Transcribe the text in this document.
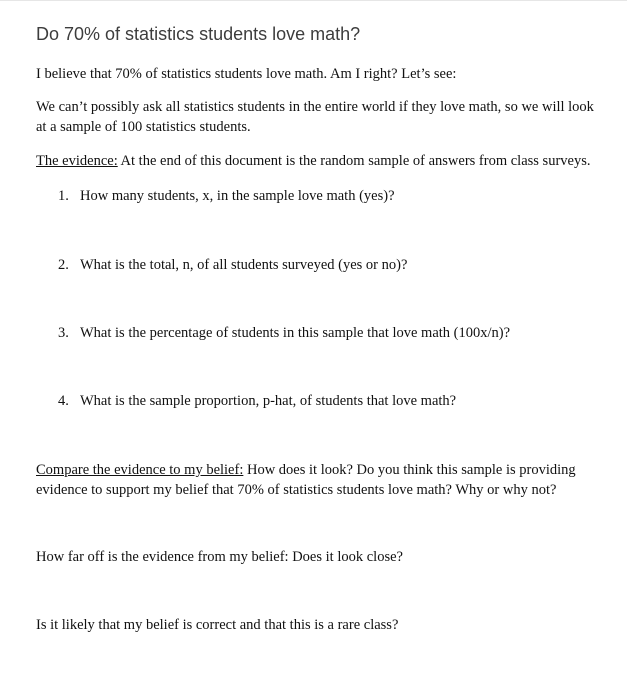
Do 70% of statistics students love math?
I believe that 70% of statistics students love math. Am I right? Let’s see:
We can’t possibly ask all statistics students in the entire world if they love math, so we will look at a sample of 100 statistics students.
The evidence: At the end of this document is the random sample of answers from class surveys.
1. How many students, x, in the sample love math (yes)?
2. What is the total, n, of all students surveyed (yes or no)?
3. What is the percentage of students in this sample that love math (100x/n)?
4. What is the sample proportion, p-hat, of students that love math?
Compare the evidence to my belief: How does it look? Do you think this sample is providing evidence to support my belief that 70% of statistics students love math? Why or why not?
How far off is the evidence from my belief: Does it look close?
Is it likely that my belief is correct and that this is a rare class?
